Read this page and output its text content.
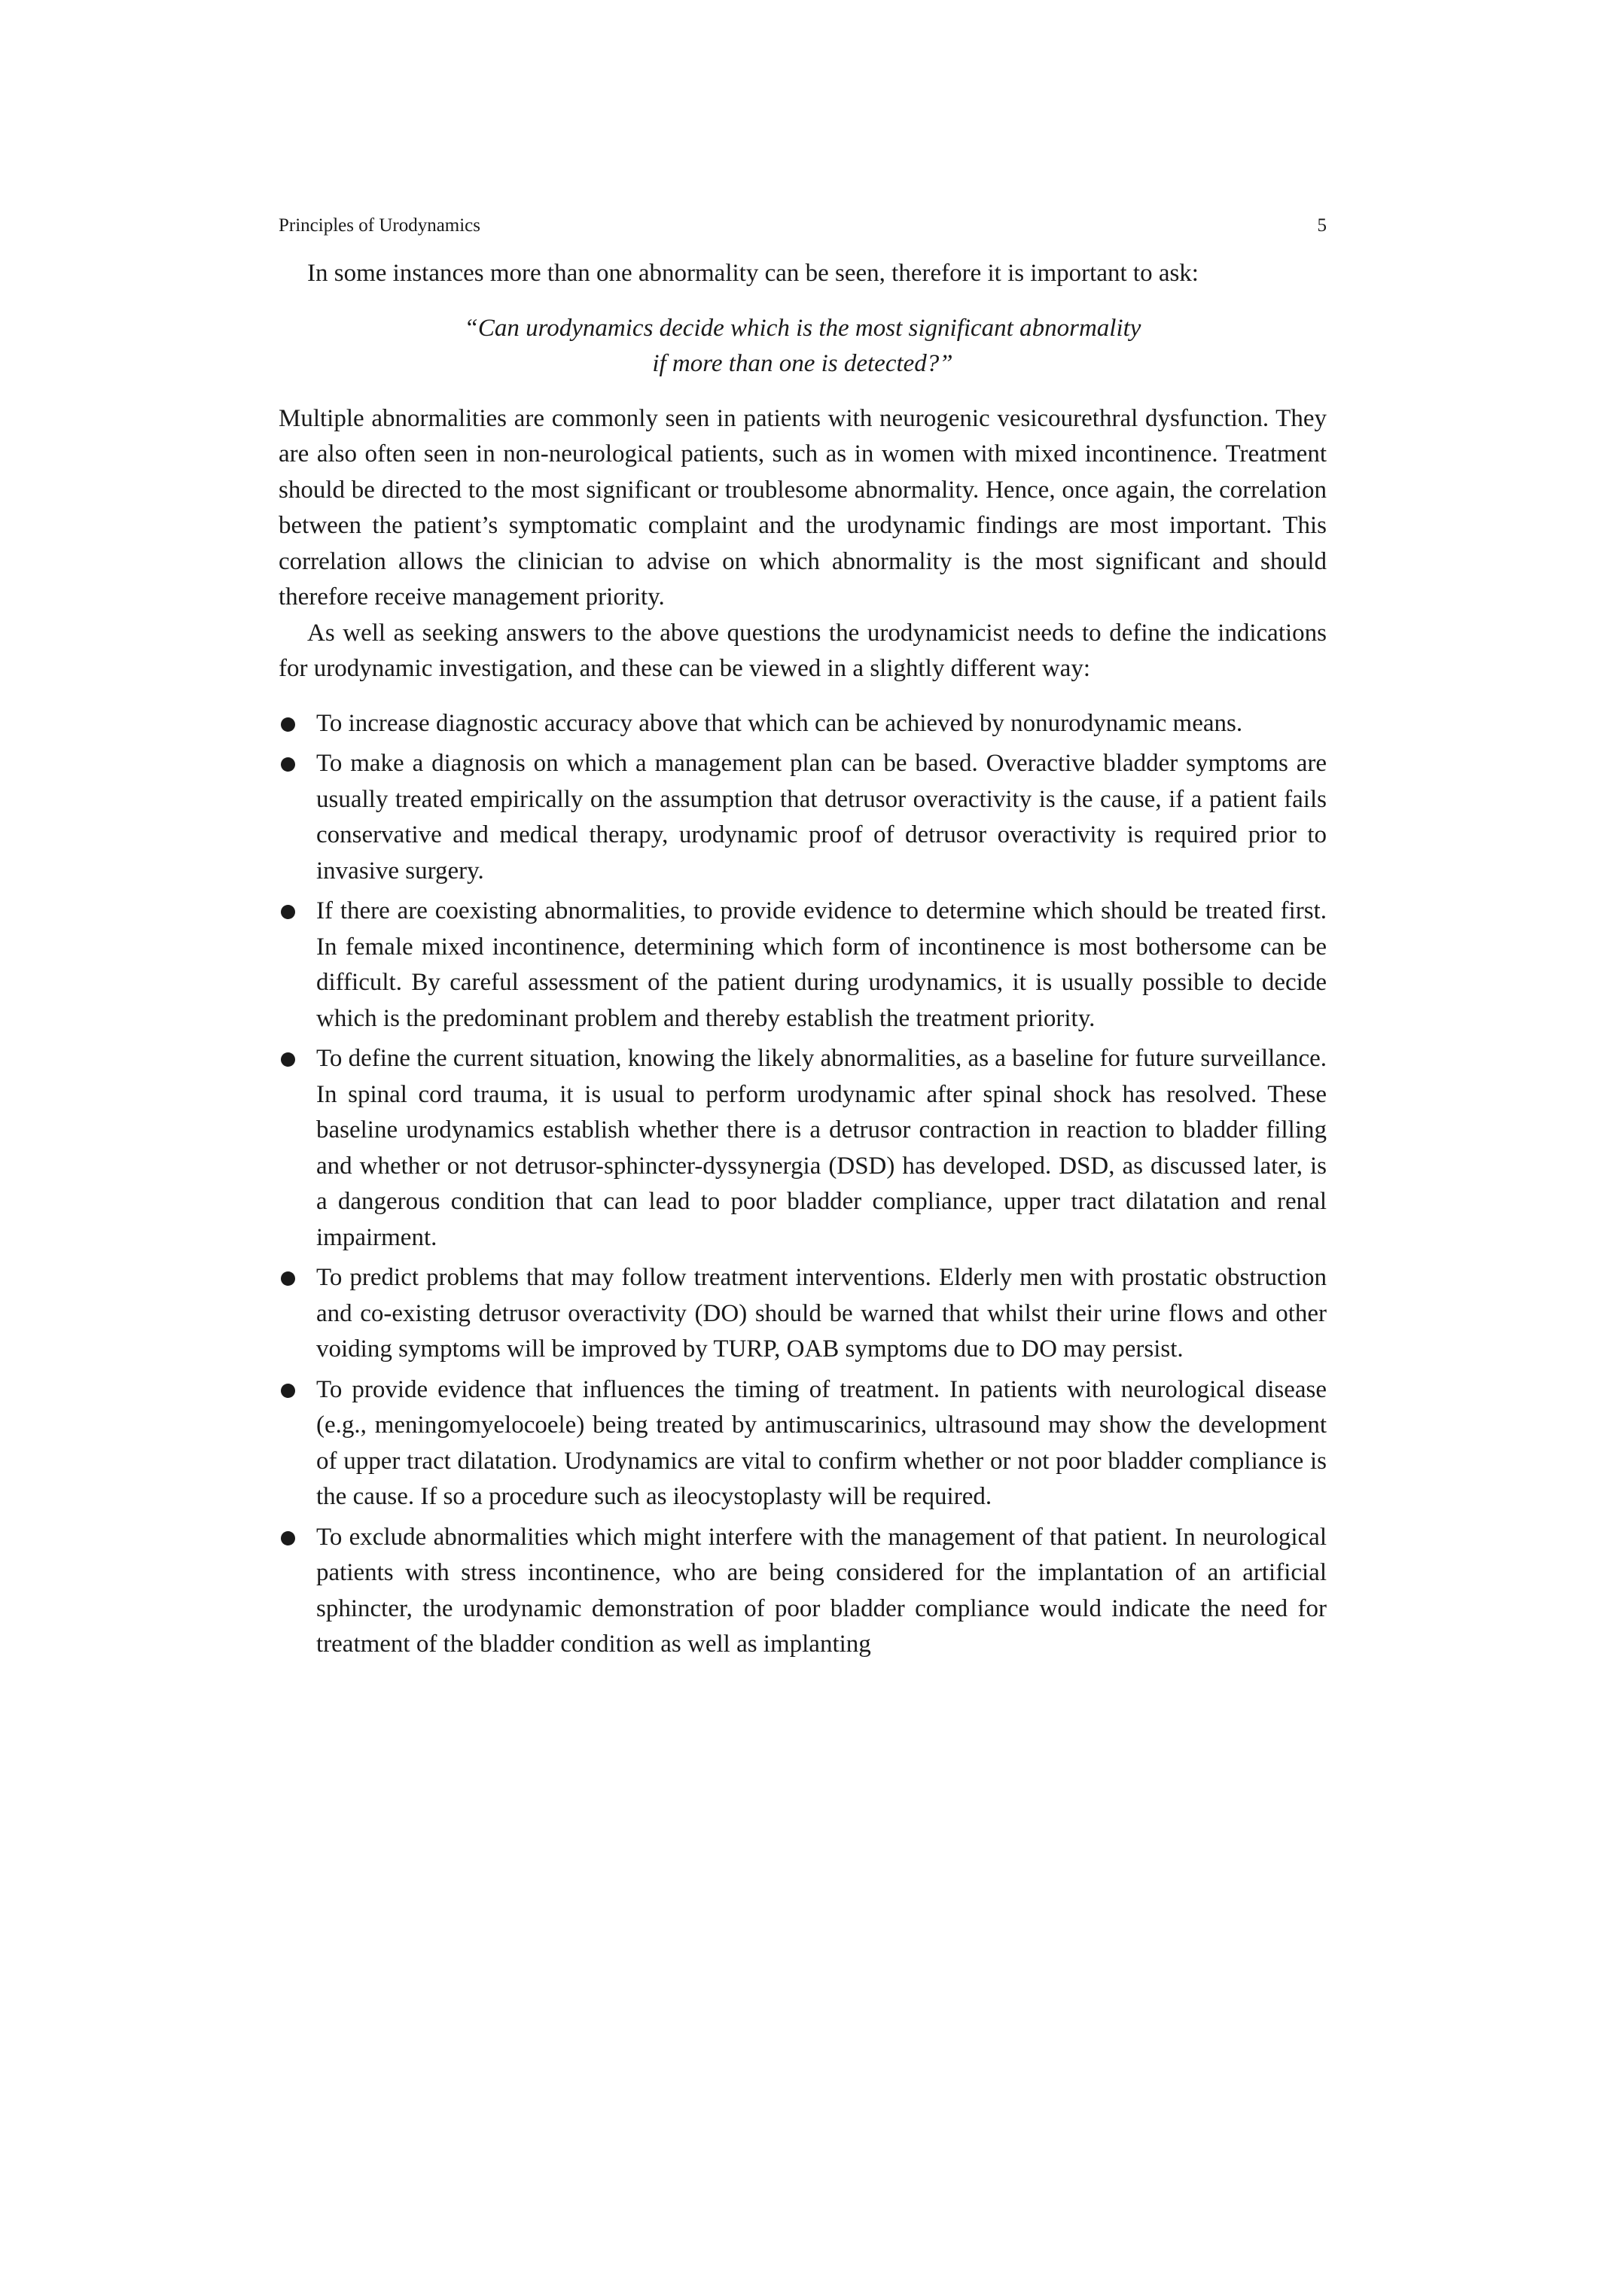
Principles of Urodynamics	5

In some instances more than one abnormality can be seen, therefore it is important to ask:

“Can urodynamics decide which is the most significant abnormality
if more than one is detected?”

Multiple abnormalities are commonly seen in patients with neurogenic vesicourethral dysfunction. They are also often seen in non-neurological patients, such as in women with mixed incontinence. Treatment should be directed to the most significant or troublesome abnormality. Hence, once again, the correlation between the patient’s symptomatic complaint and the urodynamic findings are most important. This correlation allows the clinician to advise on which abnormality is the most significant and should therefore receive management priority.

As well as seeking answers to the above questions the urodynamicist needs to define the indications for urodynamic investigation, and these can be viewed in a slightly different way:

To increase diagnostic accuracy above that which can be achieved by nonurodynamic means.
To make a diagnosis on which a management plan can be based. Overactive bladder symptoms are usually treated empirically on the assumption that detrusor overactivity is the cause, if a patient fails conservative and medical therapy, urodynamic proof of detrusor overactivity is required prior to invasive surgery.
If there are coexisting abnormalities, to provide evidence to determine which should be treated first. In female mixed incontinence, determining which form of incontinence is most bothersome can be difficult. By careful assessment of the patient during urodynamics, it is usually possible to decide which is the predominant problem and thereby establish the treatment priority.
To define the current situation, knowing the likely abnormalities, as a baseline for future surveillance. In spinal cord trauma, it is usual to perform urodynamic after spinal shock has resolved. These baseline urodynamics establish whether there is a detrusor contraction in reaction to bladder filling and whether or not detrusor-sphincter-dyssynergia (DSD) has developed. DSD, as discussed later, is a dangerous condition that can lead to poor bladder compliance, upper tract dilatation and renal impairment.
To predict problems that may follow treatment interventions. Elderly men with prostatic obstruction and co-existing detrusor overactivity (DO) should be warned that whilst their urine flows and other voiding symptoms will be improved by TURP, OAB symptoms due to DO may persist.
To provide evidence that influences the timing of treatment. In patients with neurological disease (e.g., meningomyelocoele) being treated by antimuscarinics, ultrasound may show the development of upper tract dilatation. Urodynamics are vital to confirm whether or not poor bladder compliance is the cause. If so a procedure such as ileocystoplasty will be required.
To exclude abnormalities which might interfere with the management of that patient. In neurological patients with stress incontinence, who are being considered for the implantation of an artificial sphincter, the urodynamic demonstration of poor bladder compliance would indicate the need for treatment of the bladder condition as well as implanting
